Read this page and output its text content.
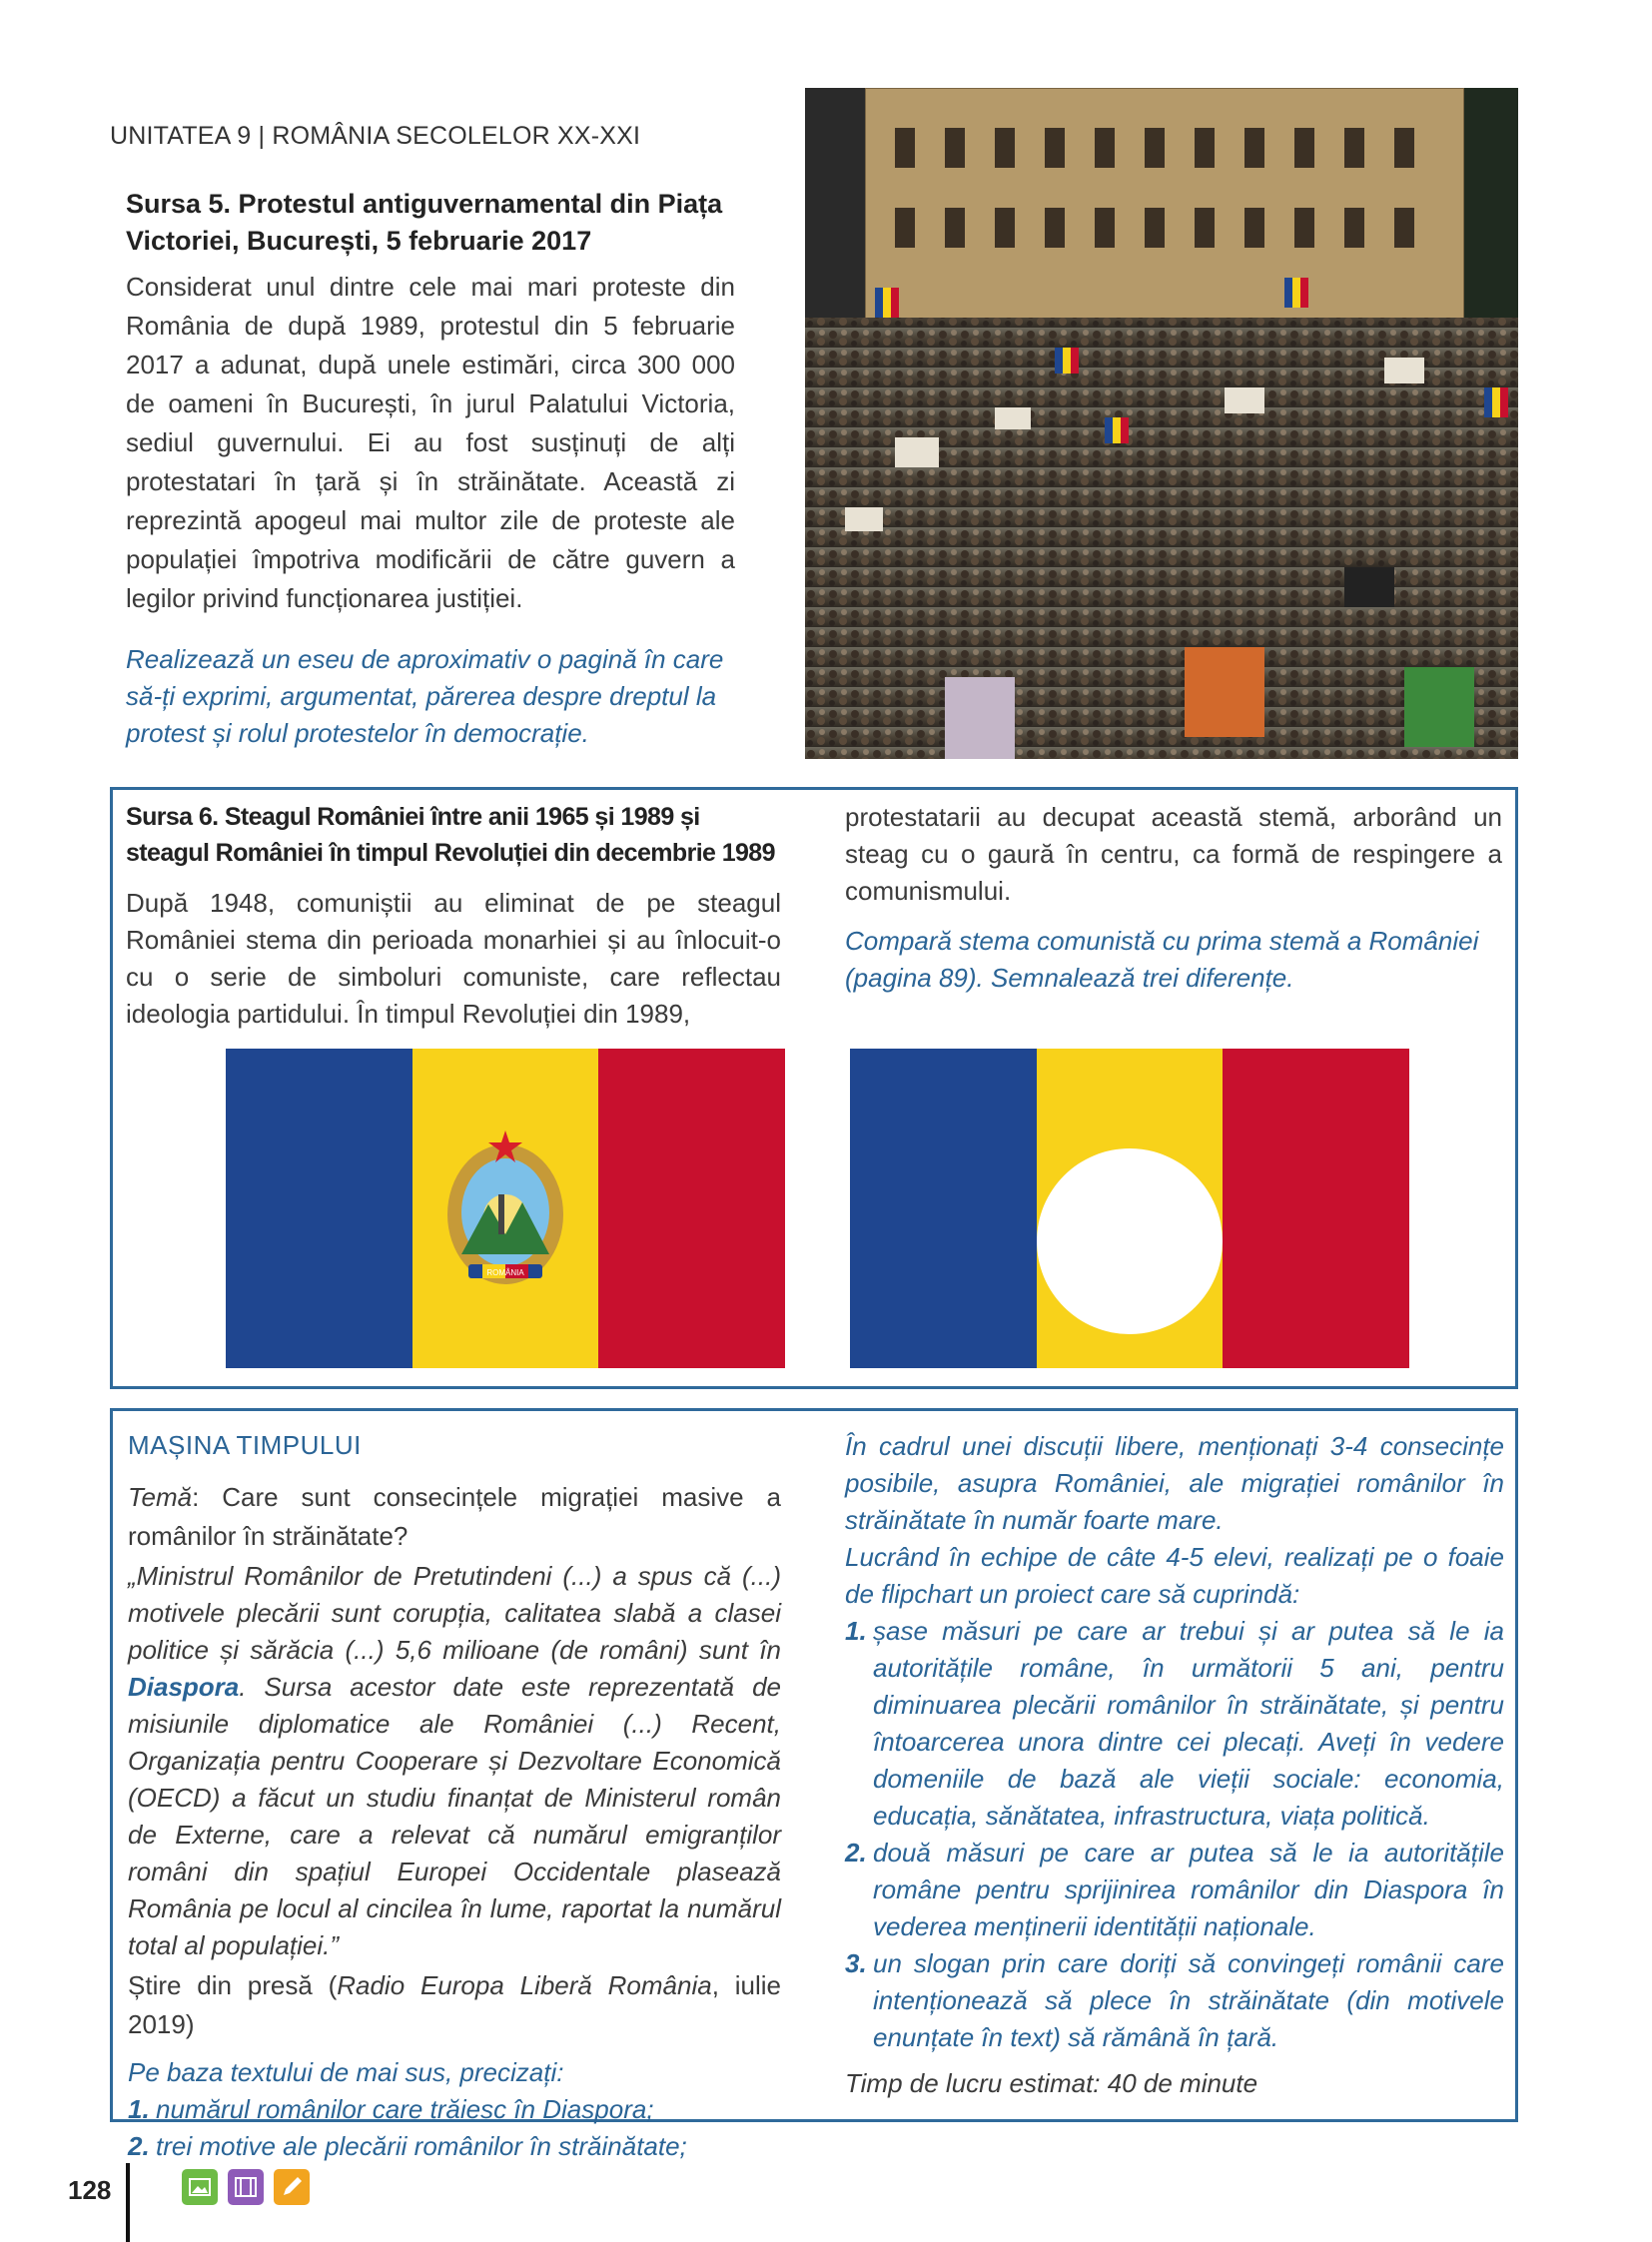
UNITATEA 9 | ROMÂNIA SECOLELOR XX-XXI
Sursa 5. Protestul antiguvernamental din Piața Victoriei, București, 5 februarie 2017
Considerat unul dintre cele mai mari proteste din România de după 1989, protestul din 5 februarie 2017 a adunat, după unele estimări, circa 300 000 de oameni în București, în jurul Palatului Victoria, sediul guvernului. Ei au fost susținuți de alți protestatari în țară și în străinătate. Această zi reprezintă apogeul mai multor zile de proteste ale populației împotriva modificării de către guvern a legilor privind funcționarea justiției.
Realizează un eseu de aproximativ o pagină în care să-ți exprimi, argumentat, părerea despre dreptul la protest și rolul protestelor în democrație.
Sursa 6. Steagul României între anii 1965 și 1989 și steagul României în timpul Revoluției din decembrie 1989
După 1948, comuniștii au eliminat de pe steagul României stema din perioada monarhiei și au înlocuit-o cu o serie de simboluri comuniste, care reflectau ideologia partidului. În timpul Revoluției din 1989,
protestatarii au decupat această stemă, arborând un steag cu o gaură în centru, ca formă de respingere a comunismului.
Compară stema comunistă cu prima stemă a României (pagina 89). Semnalează trei diferențe.
ROMÂNIA
MAȘINA TIMPULUI
Temă: Care sunt consecințele migrației masive a românilor în străinătate?
„Ministrul Românilor de Pretutindeni (...) a spus că (...) motivele plecării sunt corupția, calitatea slabă a clasei politice și sărăcia (...) 5,6 milioane (de români) sunt în Diaspora. Sursa acestor date este reprezentată de misiunile diplomatice ale României (...) Recent, Organizația pentru Cooperare și Dezvoltare Economică (OECD) a făcut un studiu finanțat de Ministerul român de Externe, care a relevat că numărul emigranților români din spațiul Europei Occidentale plasează România pe locul al cincilea în lume, raportat la numărul total al populației.”
Știre din presă (Radio Europa Liberă România, iulie 2019)
Pe baza textului de mai sus, precizați:
1. numărul românilor care trăiesc în Diaspora;
2. trei motive ale plecării românilor în străinătate;
În cadrul unei discuții libere, menționați 3-4 consecințe posibile, asupra României, ale migrației românilor în străinătate în număr foarte mare.
Lucrând în echipe de câte 4-5 elevi, realizați pe o foaie de flipchart un proiect care să cuprindă:
1. șase măsuri pe care ar trebui și ar putea să le ia autoritățile române, în următorii 5 ani, pentru diminuarea plecării românilor în străinătate, și pentru întoarcerea unora dintre cei plecați. Aveți în vedere domeniile de bază ale vieții sociale: economia, educația, sănătatea, infrastructura, viața politică.
2. două măsuri pe care ar putea să le ia autoritățile române pentru sprijinirea românilor din Diaspora în vederea menținerii identității naționale.
3. un slogan prin care doriți să convingeți românii care intenționează să plece în străinătate (din motivele enunțate în text) să rămână în țară.
Timp de lucru estimat: 40 de minute
128
